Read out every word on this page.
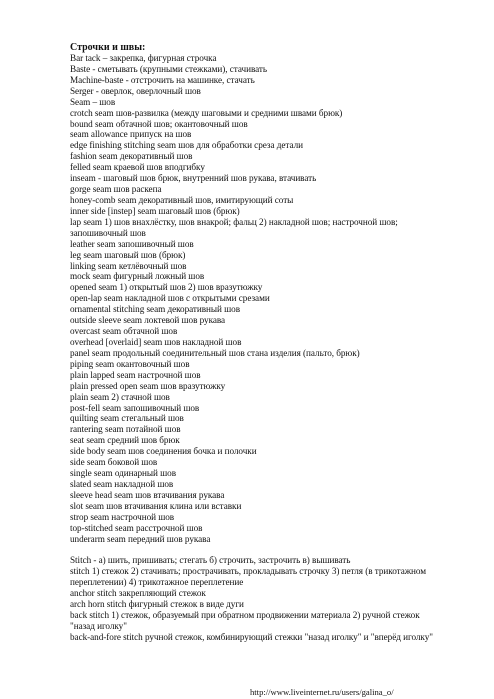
Строчки и швы:
Bar tack – закрепка, фигурная строчка
Baste - сметывать (крупными стежками), стачивать
Machine-baste - отстрочить на машинке, стачать
Serger - оверлок, оверлочный шов
Seam – шов
crotch seam шов-развилка (между шаговыми и средними швами брюк)
bound seam обтачной шов; окантовочный шов
seam allowance припуск на шов
edge finishing stitching seam шов для обработки среза детали
fashion seam декоративный шов
felled seam краевой шов вподгибку
inseam - шаговый шов брюк, внутренний шов рукава, втачивать
gorge seam шов раскепа
honey-comb seam декоративный шов, имитирующий соты
inner side [instep] seam шаговый шов (брюк)
lap seam 1) шов внахлёстку, шов внакрой; фальц 2) накладной шов; настрочной шов;
запошивочный шов
leather seam запошивочный шов
leg seam шаговый шов (брюк)
linking seam кетлёвочный шов
mock seam фигурный ложный шов
opened seam 1) открытый шов 2) шов вразутюжку
open-lap seam накладной шов с открытыми срезами
ornamental stitching seam декоративный шов
outside sleeve seam локтевой шов рукава
overcast seam обтачной шов
overhead [overlaid] seam шов накладной шов
panel seam продольный соединительный шов стана изделия (пальто, брюк)
piping seam окантовочный шов
plain lapped seam настрочной шов
plain pressed open seam шов вразутюжку
plain seam 2) стачной шов
post-fell seam запошивочный шов
quilting seam стегальный шов
rantering seam потайной шов
seat seam средний шов брюк
side body seam шов соединения бочка и полочки
side seam боковой шов
single seam одинарный шов
slated seam накладной шов
sleeve head seam шов втачивания рукава
slot seam шов втачивания клина или вставки
strop seam настрочной шов
top-stitched seam расстрочной шов
underarm seam передний шов рукава
Stitch - а) шить, пришивать; стегать б) строчить, застрочить в) вышивать
stitch 1) стежок 2) стачивать; прострачивать, прокладывать строчку 3) петля (в трикотажном
переплетении) 4) трикотажное переплетение
anchor stitch закрепляющий стежок
arch horn stitch фигурный стежок в виде дуги
back stitch 1) стежок, образуемый при обратном продвижении материала 2) ручной стежок
"назад иголку"
back-and-fore stitch ручной стежок, комбинирующий стежки "назад иголку" и "вперёд иголку"
http://www.liveinternet.ru/users/galina_o/
